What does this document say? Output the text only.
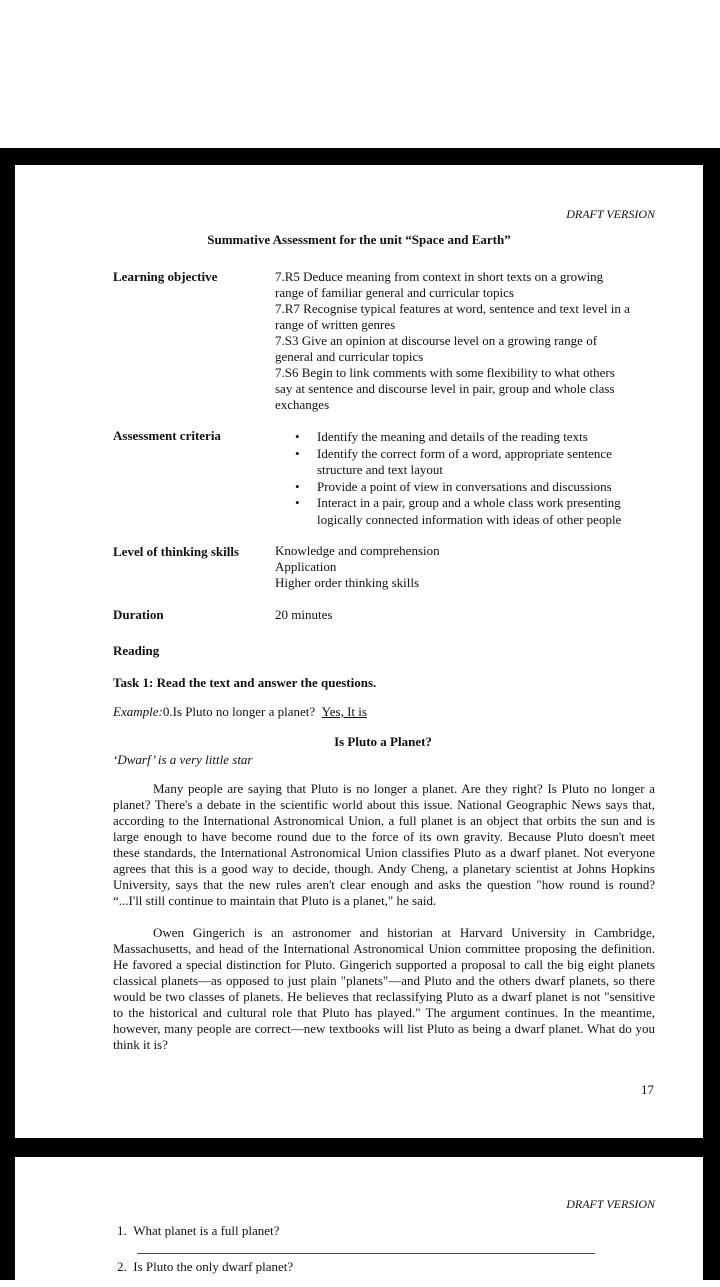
DRAFT VERSION
Summative Assessment for the unit “Space and Earth”
Learning objective	7.R5 Deduce meaning from context in short texts on a growing
range of familiar general and curricular topics
7.R7 Recognise typical features at word, sentence and text level in a
range of written genres
7.S3 Give an opinion at discourse level on a growing range of
general and curricular topics
7.S6 Begin to link comments with some flexibility to what others
say at sentence and discourse level in pair, group and whole class
exchanges
Assessment criteria	• Identify the meaning and details of the reading texts
• Identify the correct form of a word, appropriate sentence
structure and text layout
• Provide a point of view in conversations and discussions
• Interact in a pair, group and a whole class work presenting
logically connected information with ideas of other people
Level of thinking skills	Knowledge and comprehension
Application
Higher order thinking skills
Duration	20 minutes
Reading
Task 1: Read the text and answer the questions.
Example:0.Is Pluto no longer a planet? Yes, It is
Is Pluto a Planet?
‘Dwarf’ is a very little star
Many people are saying that Pluto is no longer a planet. Are they right? Is Pluto no longer a planet? There's a debate in the scientific world about this issue. National Geographic News says that, according to the International Astronomical Union, a full planet is an object that orbits the sun and is large enough to have become round due to the force of its own gravity. Because Pluto doesn't meet these standards, the International Astronomical Union classifies Pluto as a dwarf planet. Not everyone agrees that this is a good way to decide, though. Andy Cheng, a planetary scientist at Johns Hopkins University, says that the new rules aren't clear enough and asks the question "how round is round? “...I'll still continue to maintain that Pluto is a planet," he said.
Owen Gingerich is an astronomer and historian at Harvard University in Cambridge, Massachusetts, and head of the International Astronomical Union committee proposing the definition. He favored a special distinction for Pluto. Gingerich supported a proposal to call the big eight planets classical planets—as opposed to just plain "planets"—and Pluto and the others dwarf planets, so there would be two classes of planets. He believes that reclassifying Pluto as a dwarf planet is not "sensitive to the historical and cultural role that Pluto has played." The argument continues. In the meantime, however, many people are correct—new textbooks will list Pluto as being a dwarf planet. What do you think it is?
17
DRAFT VERSION
1. What planet is a full planet?
2. Is Pluto the only dwarf planet?
